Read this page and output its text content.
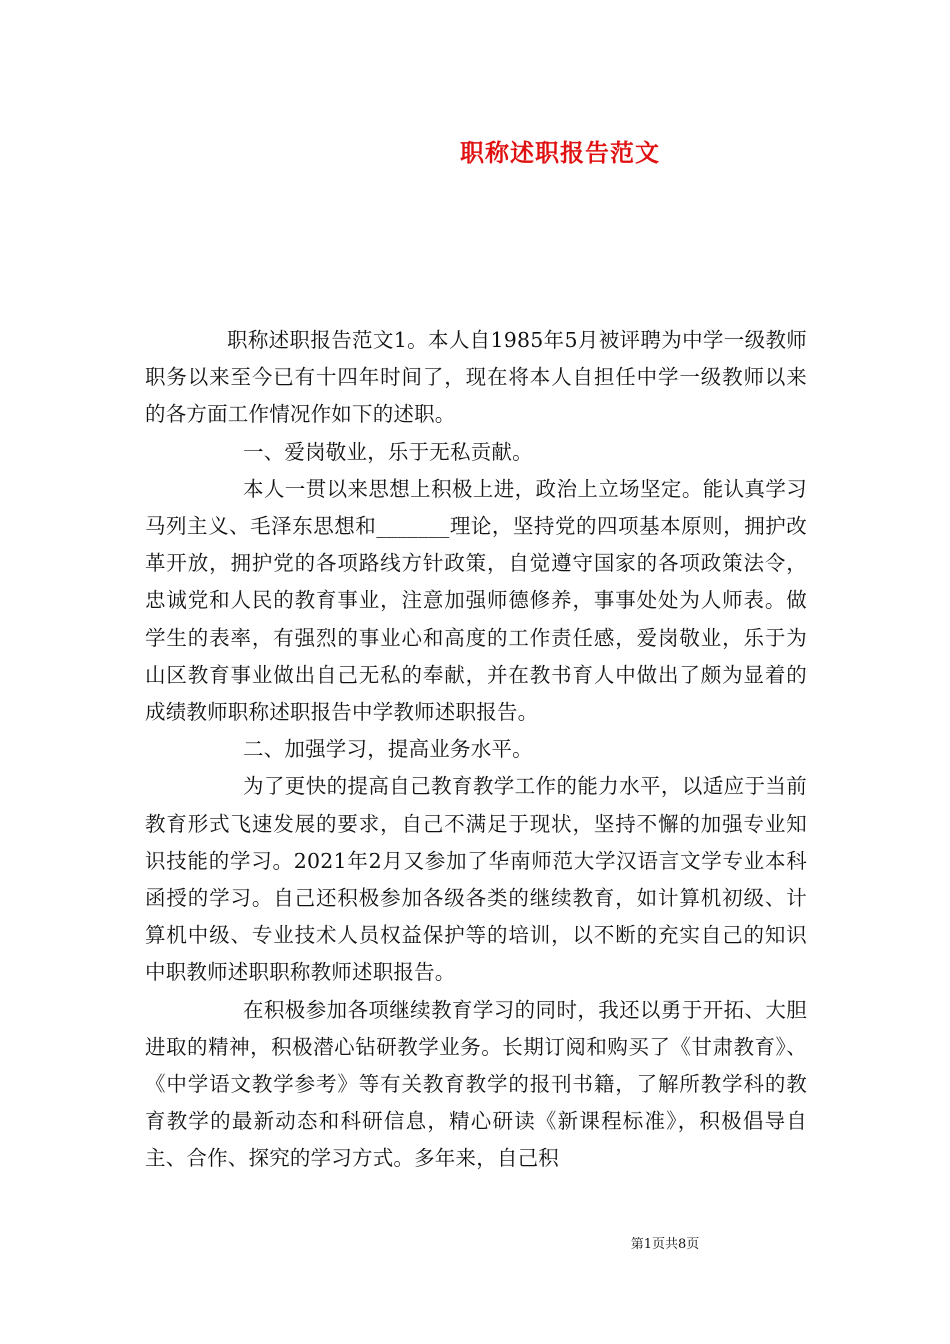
职称述职报告范文

职称述职报告范文1。本人自1985年5月被评聘为中学一级教师职务以来至今已有十四年时间了，现在将本人自担任中学一级教师以来的各方面工作情况作如下的述职。

一、爱岗敬业，乐于无私贡献。

本人一贯以来思想上积极上进，政治上立场坚定。能认真学习马列主义、毛泽东思想和_______理论，坚持党的四项基本原则，拥护改革开放，拥护党的各项路线方针政策，自觉遵守国家的各项政策法令，忠诚党和人民的教育事业，注意加强师德修养，事事处处为人师表。做学生的表率，有强烈的事业心和高度的工作责任感，爱岗敬业，乐于为山区教育事业做出自己无私的奉献，并在教书育人中做出了颇为显着的成绩教师职称述职报告中学教师述职报告。

二、加强学习，提高业务水平。

为了更快的提高自己教育教学工作的能力水平，以适应于当前教育形式飞速发展的要求，自己不满足于现状，坚持不懈的加强专业知识技能的学习。2021年2月又参加了华南师范大学汉语言文学专业本科函授的学习。自己还积极参加各级各类的继续教育，如计算机初级、计算机中级、专业技术人员权益保护等的培训，以不断的充实自己的知识中职教师述职职称教师述职报告。

在积极参加各项继续教育学习的同时，我还以勇于开拓、大胆进取的精神，积极潜心钻研教学业务。长期订阅和购买了《甘肃教育》、《中学语文教学参考》等有关教育教学的报刊书籍，了解所教学科的教育教学的最新动态和科研信息，精心研读《新课程标准》，积极倡导自主、合作、探究的学习方式。多年来，自己积

第1页共8页
